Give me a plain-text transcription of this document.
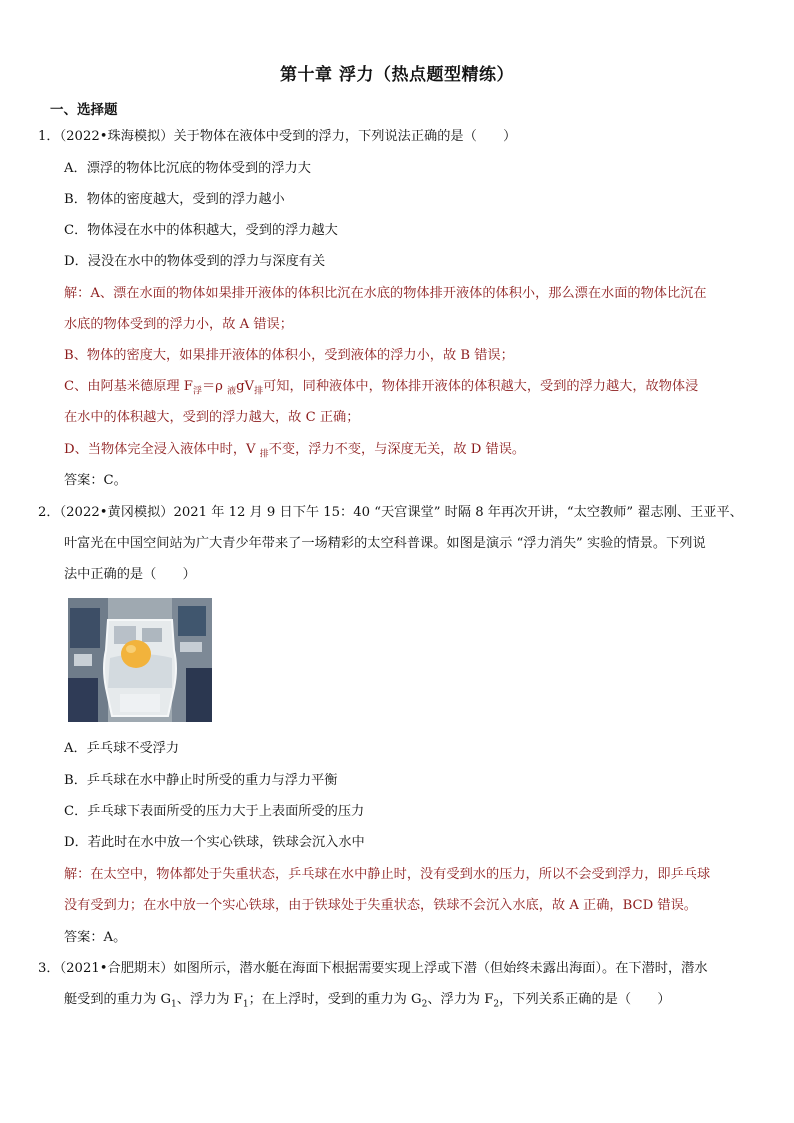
第十章 浮力（热点题型精练）
一、选择题
1．（2022•珠海模拟）关于物体在液体中受到的浮力，下列说法正确的是（　　）
A．漂浮的物体比沉底的物体受到的浮力大
B．物体的密度越大，受到的浮力越小
C．物体浸在水中的体积越大，受到的浮力越大
D．浸没在水中的物体受到的浮力与深度有关
解：A、漂在水面的物体如果排开液体的体积比沉在水底的物体排开液体的体积小，那么漂在水面的物体比沉在
水底的物体受到的浮力小，故 A 错误；
B、物体的密度大，如果排开液体的体积小，受到液体的浮力小，故 B 错误；
C、由阿基米德原理 $F_浮=\rho$ $_液gV_排$可知，同种液体中，物体排开液体的体积越大，受到的浮力越大，故物体浸
在水中的体积越大，受到的浮力越大，故 C 正确；
D、当物体完全浸入液体中时，V $_排$不变，浮力不变，与深度无关，故 D 错误。
答案：C。
2．（2022•黄冈模拟）2021 年 12 月 9 日下午 15：40 “天宫课堂” 时隔 8 年再次开讲，“太空教师” 翟志刚、王亚平、
叶富光在中国空间站为广大青少年带来了一场精彩的太空科普课。如图是演示 “浮力消失” 实验的情景。下列说
法中正确的是（　　）
A．乒乓球不受浮力
B．乒乓球在水中静止时所受的重力与浮力平衡
C．乒乓球下表面所受的压力大于上表面所受的压力
D．若此时在水中放一个实心铁球，铁球会沉入水中
解：在太空中，物体都处于失重状态，乒乓球在水中静止时，没有受到水的压力，所以不会受到浮力，即乒乓球
没有受到力；在水中放一个实心铁球，由于铁球处于失重状态，铁球不会沉入水底，故 A 正确，BCD 错误。
答案：A。
3．（2021•合肥期末）如图所示，潜水艇在海面下根据需要实现上浮或下潜（但始终未露出海面）。在下潜时，潜水
艇受到的重力为 $G_1$、浮力为 $F_1$；在上浮时，受到的重力为 $G_2$、浮力为 $F_2$，下列关系正确的是（　　）
